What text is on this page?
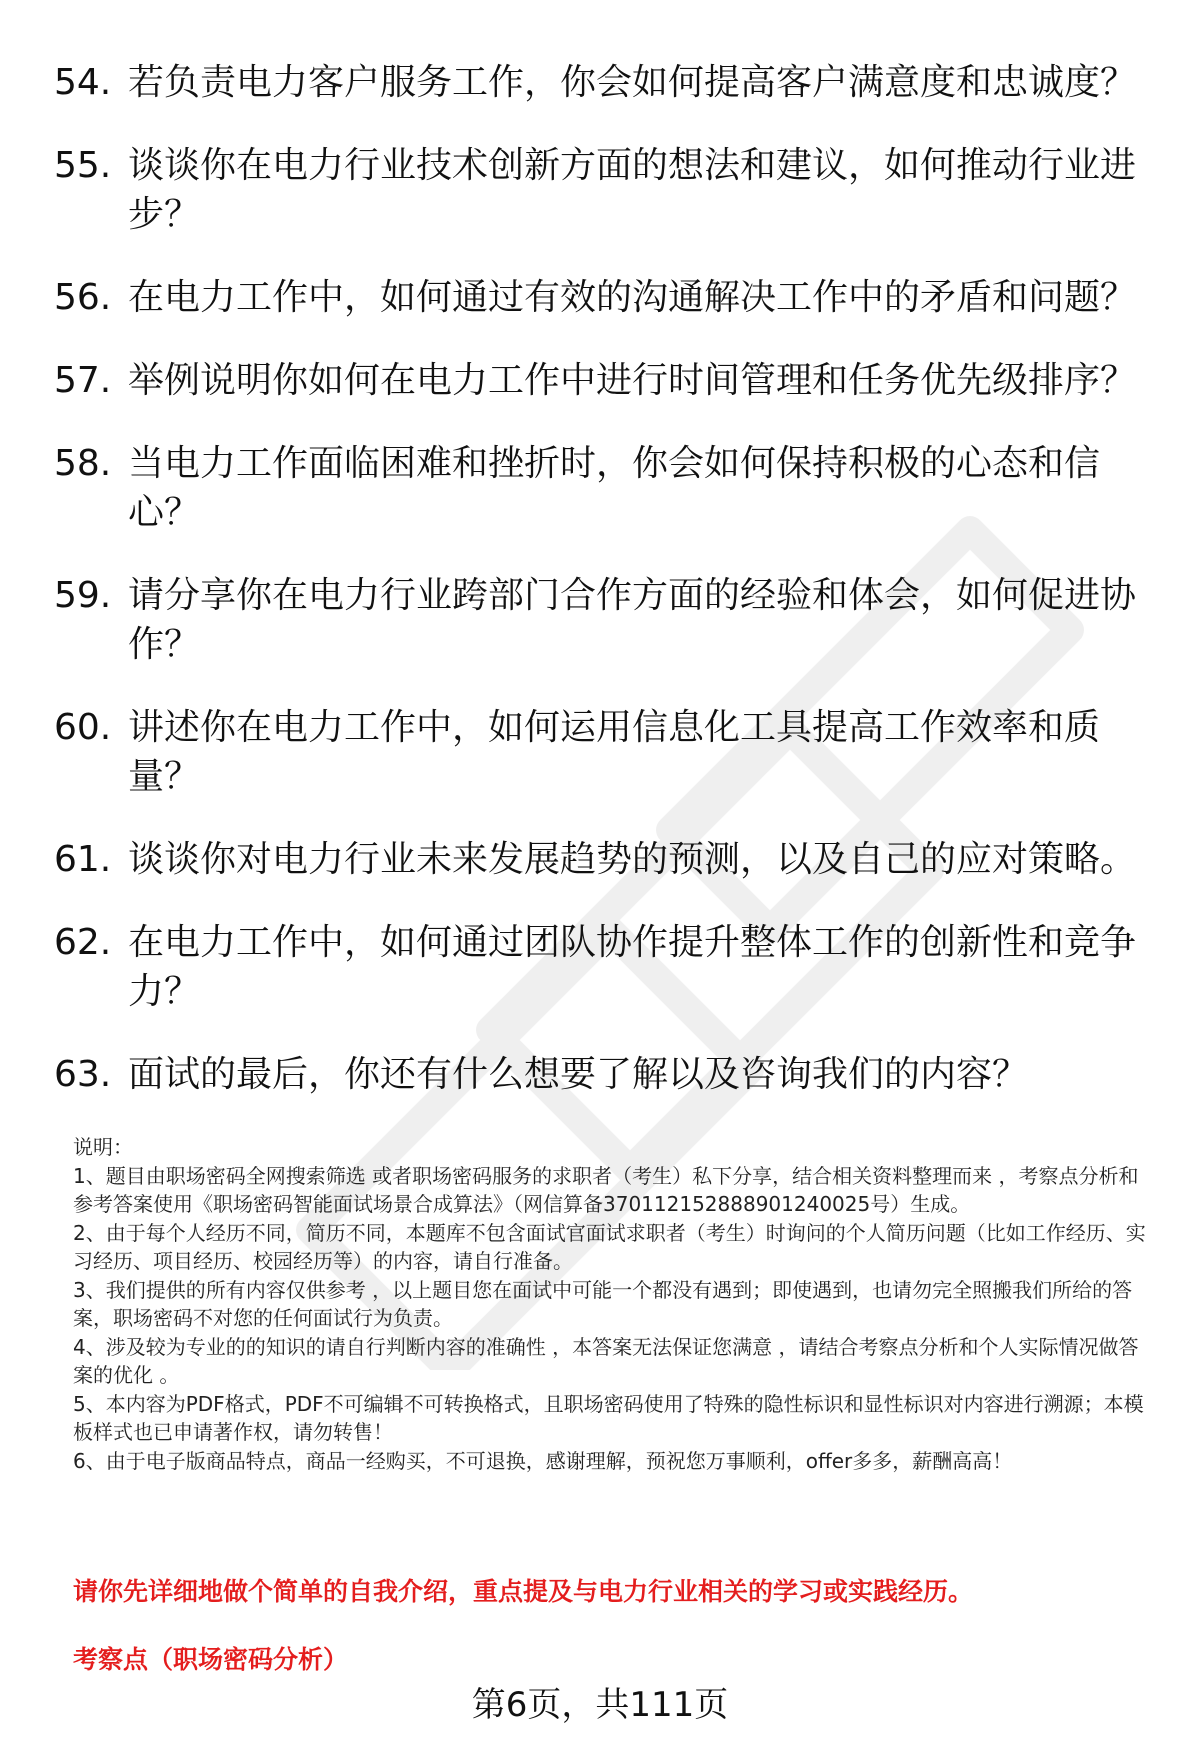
54. 若负责电力客户服务工作，你会如何提高客户满意度和忠诚度？
55. 谈谈你在电力行业技术创新方面的想法和建议，如何推动行业进步？
56. 在电力工作中，如何通过有效的沟通解决工作中的矛盾和问题？
57. 举例说明你如何在电力工作中进行时间管理和任务优先级排序？
58. 当电力工作面临困难和挫折时，你会如何保持积极的心态和信心？
59. 请分享你在电力行业跨部门合作方面的经验和体会，如何促进协作？
60. 讲述你在电力工作中，如何运用信息化工具提高工作效率和质量？
61. 谈谈你对电力行业未来发展趋势的预测，以及自己的应对策略。
62. 在电力工作中，如何通过团队协作提升整体工作的创新性和竞争力？
63. 面试的最后，你还有什么想要了解以及咨询我们的内容？
说明：
1、题目由职场密码全网搜索筛选 或者职场密码服务的求职者（考生）私下分享，结合相关资料整理而来 ，考察点分析和参考答案使用《职场密码智能面试场景合成算法》（网信算备370112152888901240025号）生成。
2、由于每个人经历不同，简历不同，本题库不包含面试官面试求职者（考生）时询问的个人简历问题（比如工作经历、实习经历、项目经历、校园经历等）的内容，请自行准备。
3、我们提供的所有内容仅供参考 ，以上题目您在面试中可能一个都没有遇到；即使遇到，也请勿完全照搬我们所给的答案，职场密码不对您的任何面试行为负责。
4、涉及较为专业的的知识的请自行判断内容的准确性 ，本答案无法保证您满意 ，请结合考察点分析和个人实际情况做答案的优化 。
5、本内容为PDF格式，PDF不可编辑不可转换格式，且职场密码使用了特殊的隐性标识和显性标识对内容进行溯源；本模板样式也已申请著作权，请勿转售！
6、由于电子版商品特点，商品一经购买，不可退换，感谢理解，预祝您万事顺利，offer多多，薪酬高高！
请你先详细地做个简单的自我介绍，重点提及与电力行业相关的学习或实践经历。
考察点（职场密码分析）
第6页，共111页
